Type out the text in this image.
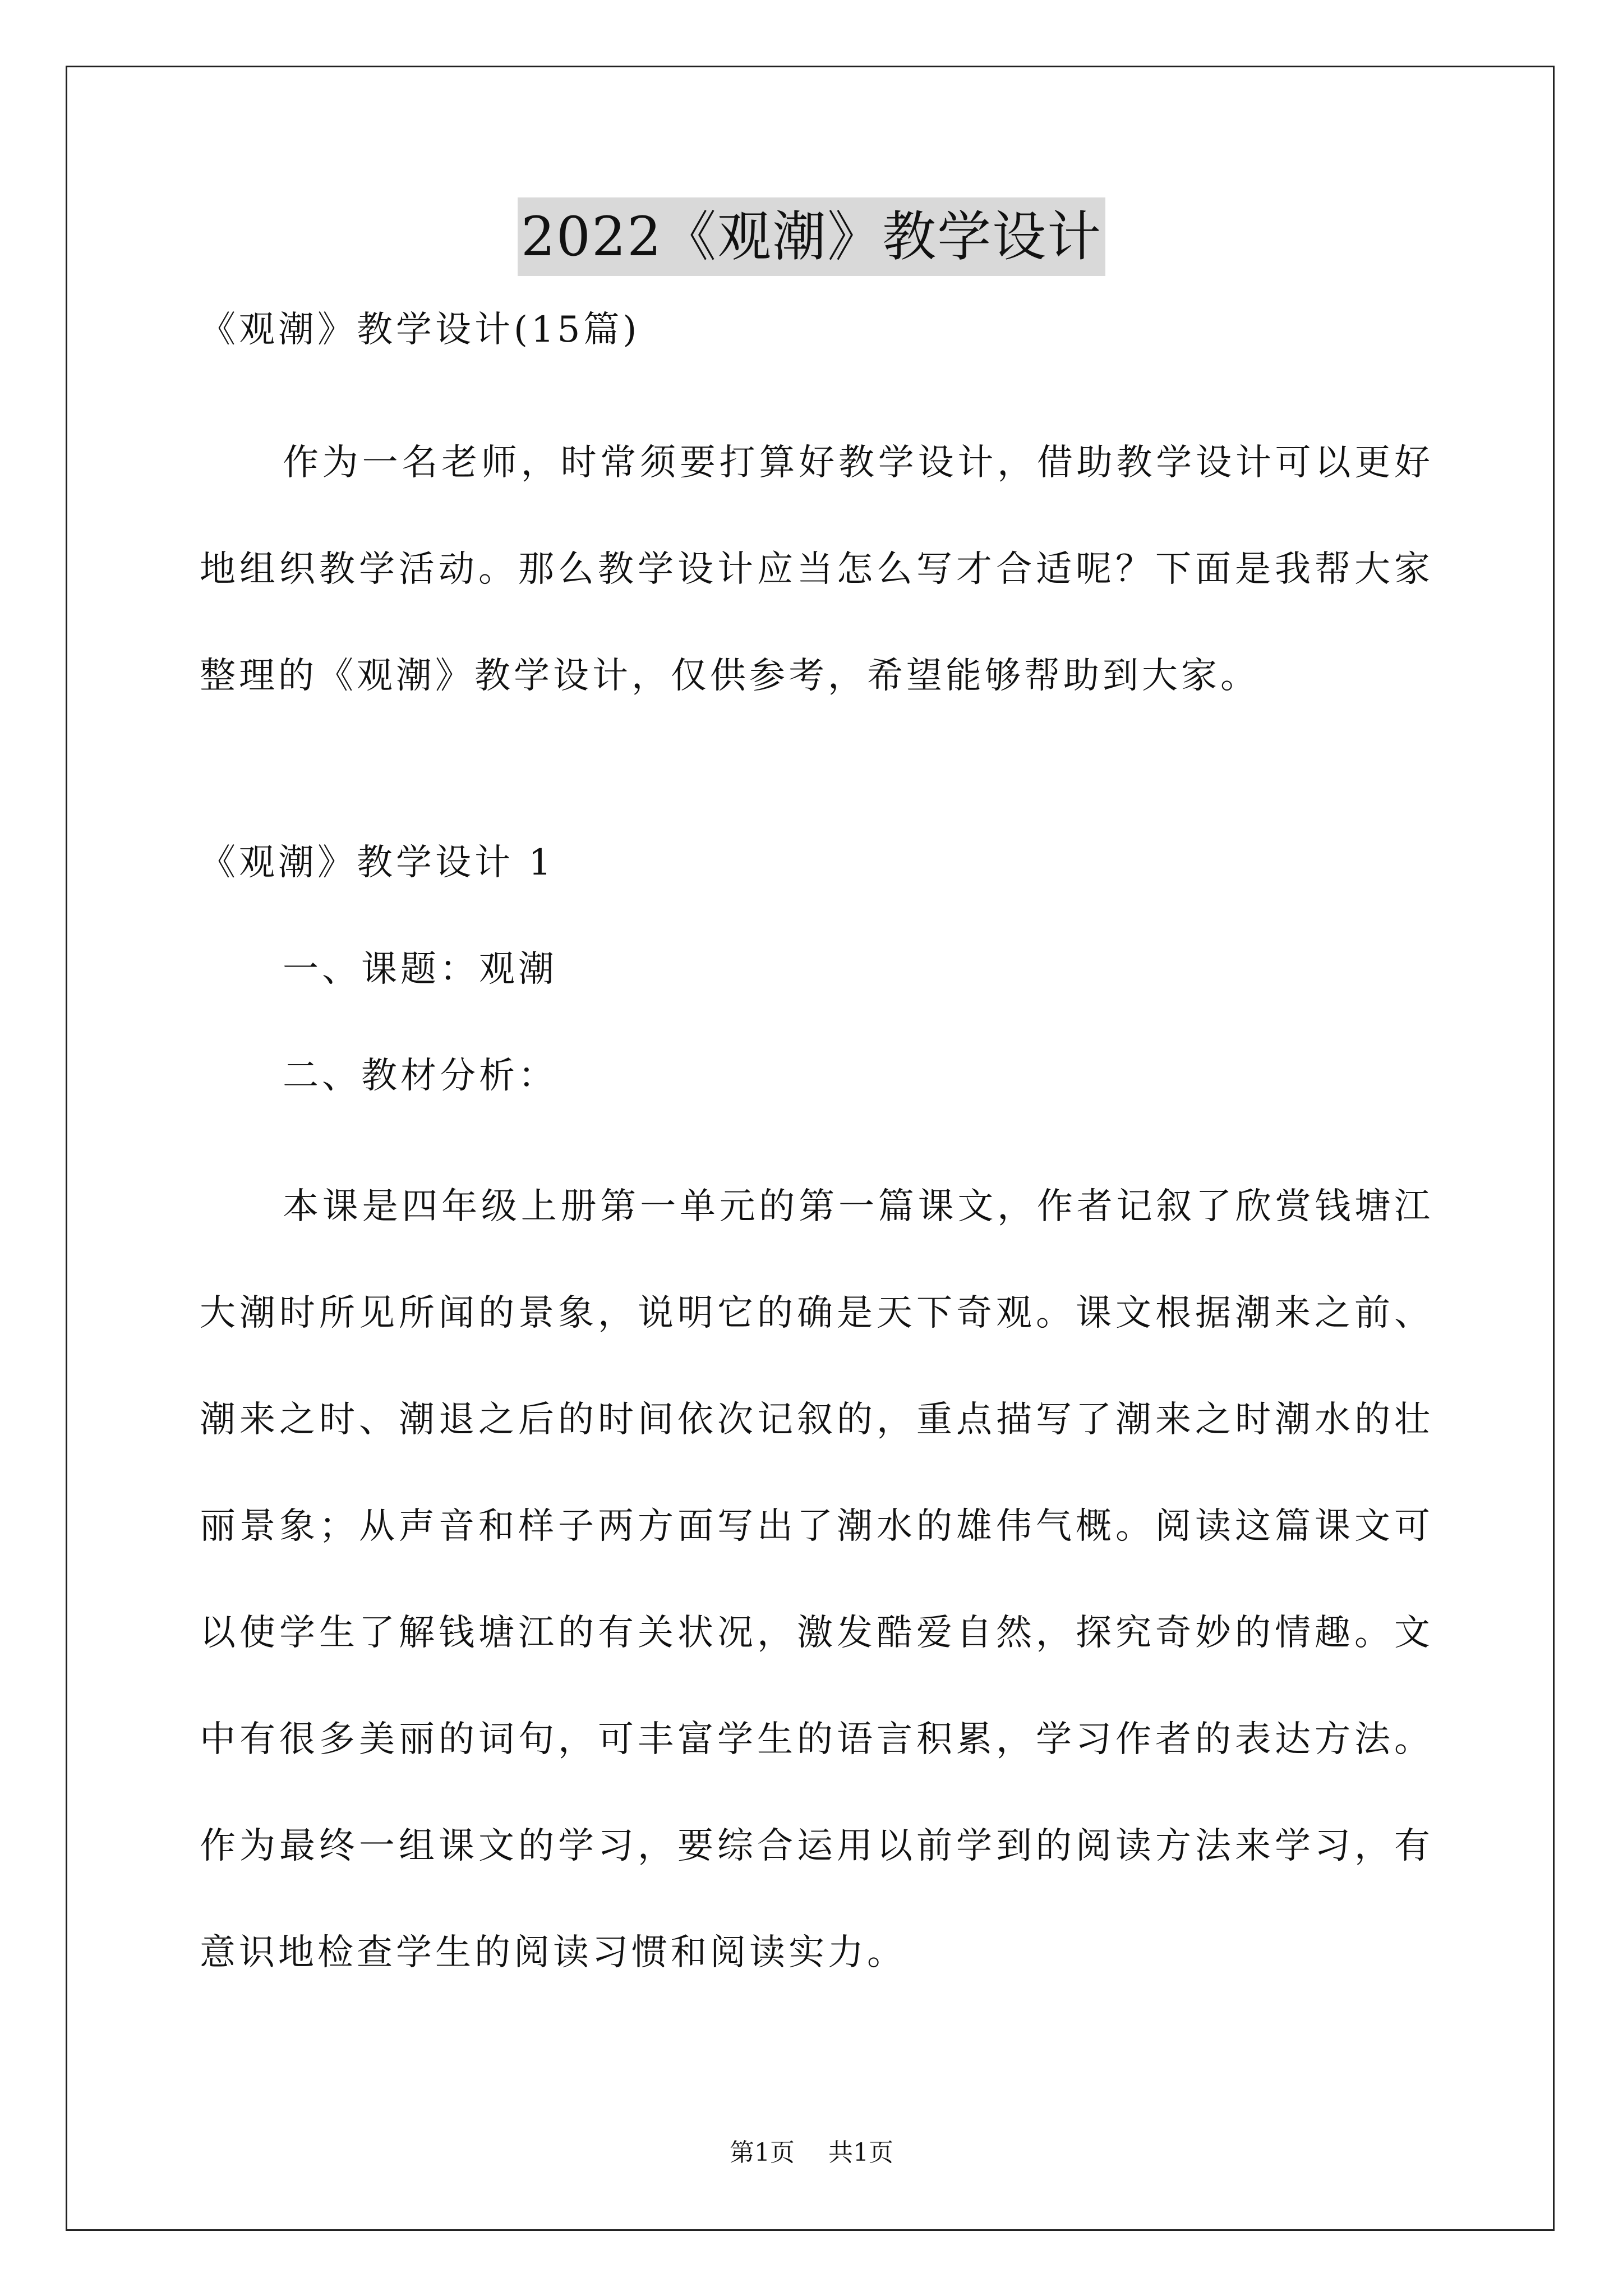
2022《观潮》教学设计
《观潮》教学设计(15篇)

作为一名老师，时常须要打算好教学设计，借助教学设计可以更好地组织教学活动。那么教学设计应当怎么写才合适呢？下面是我帮大家整理的《观潮》教学设计，仅供参考，希望能够帮助到大家。

《观潮》教学设计 1
一、课题：观潮
二、教材分析：

本课是四年级上册第一单元的第一篇课文，作者记叙了欣赏钱塘江大潮时所见所闻的景象，说明它的确是天下奇观。课文根据潮来之前、潮来之时、潮退之后的时间依次记叙的，重点描写了潮来之时潮水的壮丽景象；从声音和样子两方面写出了潮水的雄伟气概。阅读这篇课文可以使学生了解钱塘江的有关状况，激发酷爱自然，探究奇妙的情趣。文中有很多美丽的词句，可丰富学生的语言积累，学习作者的表达方法。作为最终一组课文的学习，要综合运用以前学到的阅读方法来学习，有意识地检查学生的阅读习惯和阅读实力。

第1页 共1页
